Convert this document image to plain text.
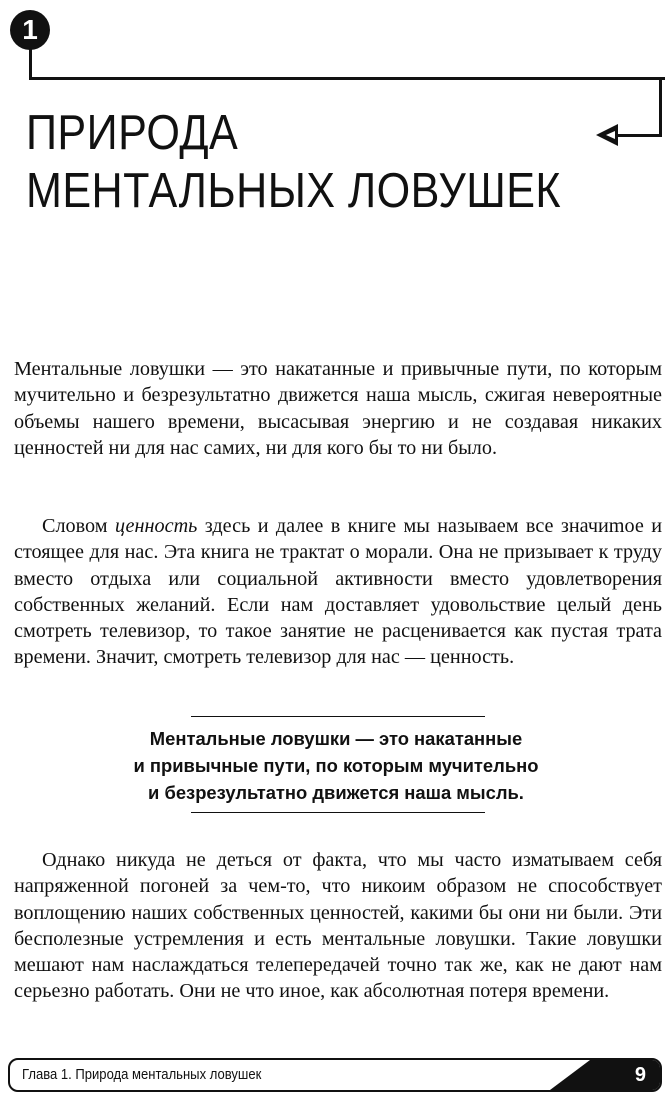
1
ПРИРОДА
МЕНТАЛЬНЫХ ЛОВУШЕК

Ментальные ловушки — это накатанные и привычные пути, по которым мучительно и безрезультатно движется наша мысль, сжигая невероятные объемы нашего времени, высасывая энергию и не создавая никаких ценностей ни для нас самих, ни для кого бы то ни было.

Словом ценность здесь и далее в книге мы называем все значиmое и стоящее для нас. Эта книга не трактат о морали. Она не призывает к труду вместо отдыха или социальной активности вместо удовлетворения собственных желаний. Если нам доставляет удовольствие целый день смотреть телевизор, то такое занятие не расценивается как пустая трата времени. Значит, смотреть телевизор для нас — ценность.

Ментальные ловушки — это накатанные
и привычные пути, по которым мучительно
и безрезультатно движется наша мысль.

Однако никуда не деться от факта, что мы часто изматываем себя напряженной погоней за чем-то, что никоим образом не способствует воплощению наших собственных ценностей, какими бы они ни были. Эти бесполезные устремления и есть ментальные ловушки. Такие ловушки мешают нам наслаждаться телепередачей точно так же, как не дают нам серьезно работать. Они не что иное, как абсолютная потеря времени.

Глава 1. Природа ментальных ловушек	9
